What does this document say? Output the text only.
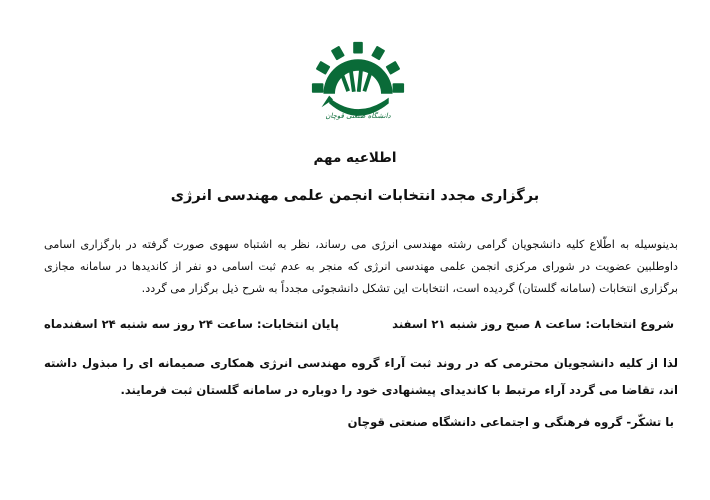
دانشگاه صنعتی قوچان
اطلاعیه مهم
برگزاری مجدد انتخابات انجمن علمی مهندسی انرژی

بدینوسیله به اطّلاع کلیه دانشجویان گرامی رشته مهندسی انرژی می رساند، نظر به اشتباه سهوی صورت گرفته در بارگزاری اسامی داوطلبین عضویت در شورای مرکزی انجمن علمی مهندسی انرژی که منجر به عدم ثبت اسامی دو نفر از کاندیدها در سامانه مجازی برگزاری انتخابات (سامانه گلستان) گردیده است، انتخابات این تشکل دانشجوئی مجدداً به شرح ذیل برگزار می گردد.

شروع انتخابات: ساعت ۸ صبح روز شنبه ۲۱ اسفند
پایان انتخابات: ساعت ۲۴ روز سه شنبه ۲۴ اسفندماه

لذا از کلیه دانشجویان محترمی که در روند ثبت آراء گروه مهندسی انرژی همکاری صمیمانه ای را مبذول داشته اند، تقاضا می گردد آراء مرتبط با کاندیدای پیشنهادی خود را دوباره در سامانه گلستان ثبت فرمایند.

با تشکّر- گروه فرهنگی و اجتماعی دانشگاه صنعتی قوچان
